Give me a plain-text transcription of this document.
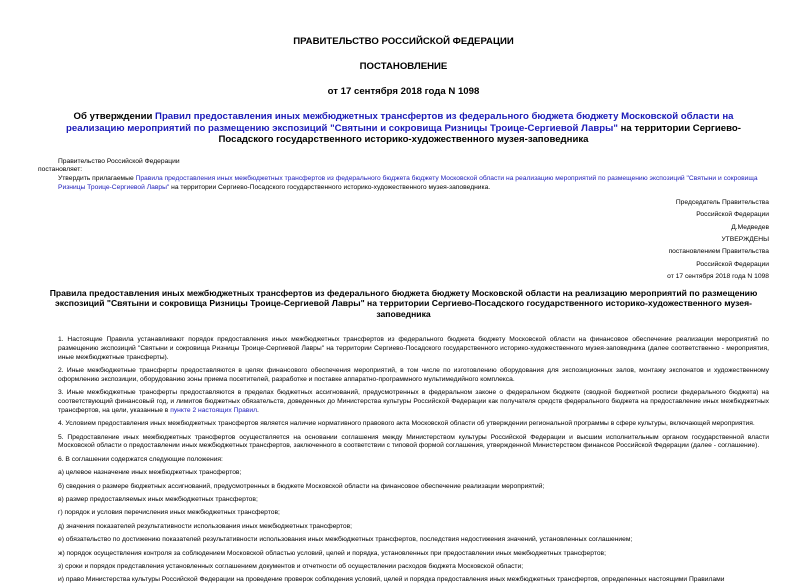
ПРАВИТЕЛЬСТВО РОССИЙСКОЙ ФЕДЕРАЦИИ
ПОСТАНОВЛЕНИЕ
от 17 сентября 2018 года N 1098
Об утверждении Правил предоставления иных межбюджетных трансфертов из федерального бюджета бюджету Московской области на реализацию мероприятий по размещению экспозиций "Святыни и сокровища Ризницы Троице-Сергиевой Лавры" на территории Сергиево-Посадского государственного историко-художественного музея-заповедника

Правительство Российской Федерации

постановляет:

Утвердить прилагаемые Правила предоставления иных межбюджетных трансфертов из федерального бюджета бюджету Московской области на реализацию мероприятий по размещению экспозиций "Святыни и сокровища Ризницы Троице-Сергиевой Лавры" на территории Сергиево-Посадского государственного историко-художественного музея-заповедника.

Председатель Правительства
Российской Федерации
Д.Медведев
УТВЕРЖДЕНЫ
постановлением Правительства
Российской Федерации
от 17 сентября 2018 года N 1098
Правила предоставления иных межбюджетных трансфертов из федерального бюджета бюджету Московской области на реализацию мероприятий по размещению экспозиций "Святыни и сокровища Ризницы Троице-Сергиевой Лавры" на территории Сергиево-Посадского государственного историко-художественного музея-заповедника

1. Настоящие Правила устанавливают порядок предоставления иных межбюджетных трансфертов из федерального бюджета бюджету Московской области на финансовое обеспечение реализации мероприятий по размещению экспозиций "Святыни и сокровища Ризницы Троице-Сергиевой Лавры" на территории Сергиево-Посадского государственного историко-художественного музея-заповедника (далее соответственно - мероприятия, иные межбюджетные трансферты).

2. Иные межбюджетные трансферты предоставляются в целях финансового обеспечения мероприятий, в том числе по изготовлению оборудования для экспозиционных залов, монтажу экспонатов и художественному оформлению экспозиции, оборудованию зоны приема посетителей, разработке и поставке аппаратно-программного мультимедийного комплекса.

3. Иные межбюджетные трансферты предоставляются в пределах бюджетных ассигнований, предусмотренных в федеральном законе о федеральном бюджете (сводной бюджетной росписи федерального бюджета) на соответствующий финансовый год, и лимитов бюджетных обязательств, доведенных до Министерства культуры Российской Федерации как получателя средств федерального бюджета на предоставление иных межбюджетных трансфертов, на цели, указанные в пункте 2 настоящих Правил.

4. Условием предоставления иных межбюджетных трансфертов является наличие нормативного правового акта Московской области об утверждении региональной программы в сфере культуры, включающей мероприятия.

5. Предоставление иных межбюджетных трансфертов осуществляется на основании соглашения между Министерством культуры Российской Федерации и высшим исполнительным органом государственной власти Московской области о предоставлении иных межбюджетных трансфертов, заключенного в соответствии с типовой формой соглашения, утвержденной Министерством финансов Российской Федерации (далее - соглашение).

6. В соглашении содержатся следующие положения:

а) целевое назначение иных межбюджетных трансфертов;

б) сведения о размере бюджетных ассигнований, предусмотренных в бюджете Московской области на финансовое обеспечение реализации мероприятий;

в) размер предоставляемых иных межбюджетных трансфертов;

г) порядок и условия перечисления иных межбюджетных трансфертов;

д) значения показателей результативности использования иных межбюджетных трансфертов;

е) обязательство по достижению показателей результативности использования иных межбюджетных трансфертов, последствия недостижения значений, установленных соглашением;

ж) порядок осуществления контроля за соблюдением Московской областью условий, целей и порядка, установленных при предоставлении иных межбюджетных трансфертов;

з) сроки и порядок представления установленных соглашением документов и отчетности об осуществлении расходов бюджета Московской области;

и) право Министерства культуры Российской Федерации на проведение проверок соблюдения условий, целей и порядка предоставления иных межбюджетных трансфертов, определенных настоящими Правилами
